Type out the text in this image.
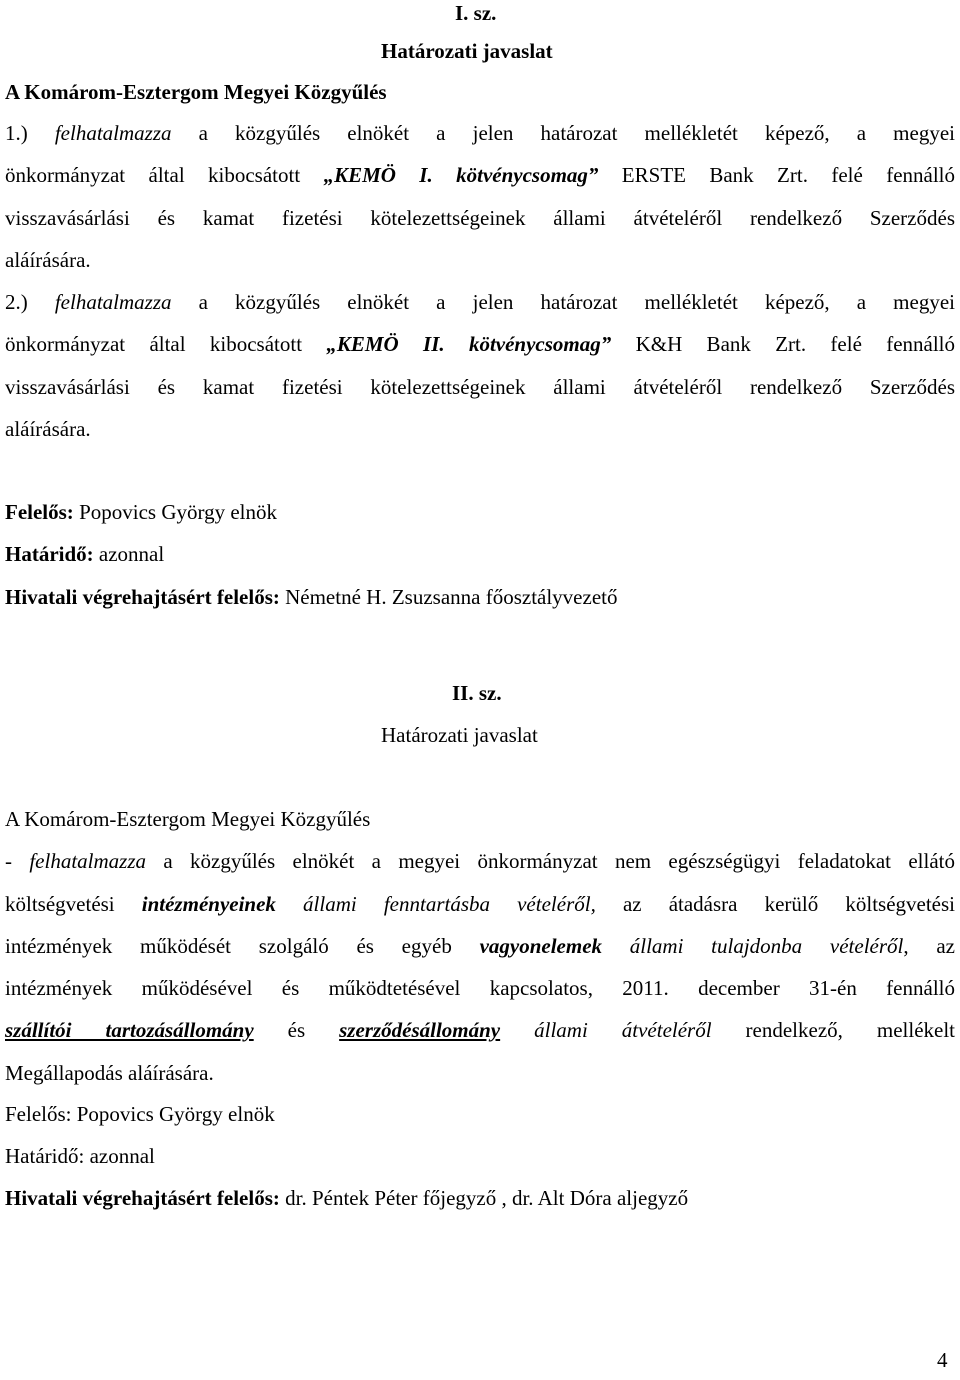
I. sz.
Határozati javaslat
A Komárom-Esztergom Megyei Közgyűlés
1.) felhatalmazza a közgyűlés elnökét a jelen határozat mellékletét képező, a megyei
önkormányzat által kibocsátott „KEMÖ I. kötvénycsomag” ERSTE Bank Zrt. felé fennálló
visszavásárlási és kamat fizetési kötelezettségeinek állami átvételéről rendelkező Szerződés
aláírására.
2.) felhatalmazza a közgyűlés elnökét a jelen határozat mellékletét képező, a megyei
önkormányzat által kibocsátott „KEMÖ II. kötvénycsomag” K&H Bank Zrt. felé fennálló
visszavásárlási és kamat fizetési kötelezettségeinek állami átvételéről rendelkező Szerződés
aláírására.
Felelős: Popovics György elnök
Határidő: azonnal
Hivatali végrehajtásért felelős: Németné H. Zsuzsanna főosztályvezető
II. sz.
Határozati javaslat
A Komárom-Esztergom Megyei Közgyűlés
- felhatalmazza a közgyűlés elnökét a megyei önkormányzat nem egészségügyi feladatokat ellátó
költségvetési intézményeinek állami fenntartásba vételéről, az átadásra kerülő költségvetési
intézmények működését szolgáló és egyéb vagyonelemek állami tulajdonba vételéről, az
intézmények működésével és működtetésével kapcsolatos, 2011. december 31-én fennálló
szállítói tartozásállomány és szerződésállomány állami átvételéről rendelkező, mellékelt
Megállapodás aláírására.
Felelős: Popovics György elnök
Határidő: azonnal
Hivatali végrehajtásért felelős: dr. Péntek Péter főjegyző , dr. Alt Dóra aljegyző
4
